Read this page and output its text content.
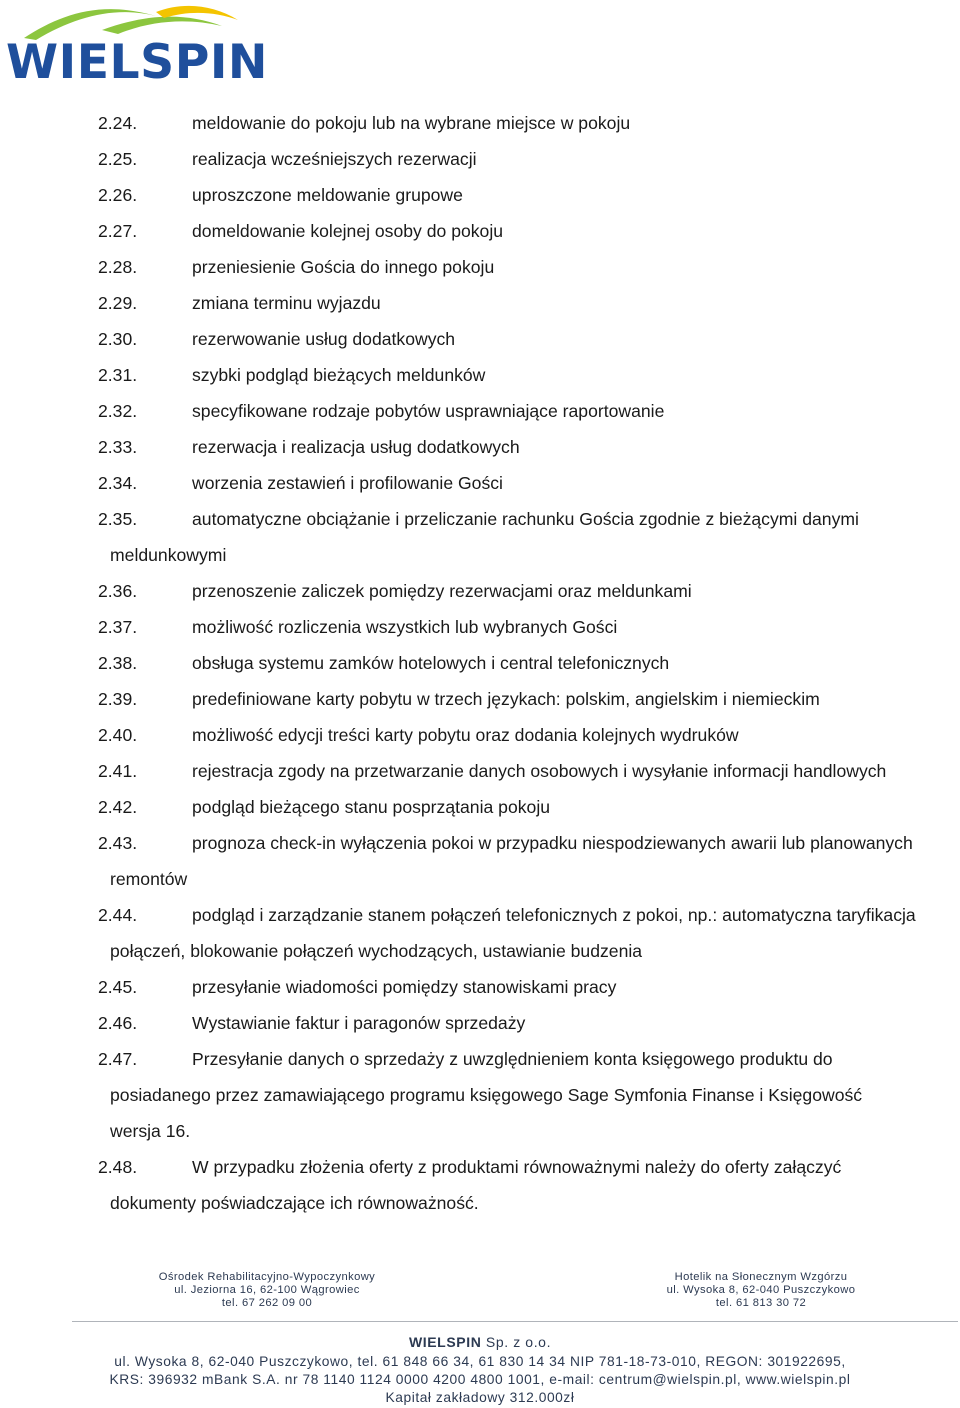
WIELSPIN
2.24.	meldowanie do pokoju lub na wybrane miejsce w pokoju
2.25.	realizacja wcześniejszych rezerwacji
2.26.	uproszczone meldowanie grupowe
2.27.	domeldowanie kolejnej osoby do pokoju
2.28.	przeniesienie Gościa do innego pokoju
2.29.	zmiana terminu wyjazdu
2.30.	rezerwowanie usług dodatkowych
2.31.	szybki podgląd bieżących meldunków
2.32.	specyfikowane rodzaje pobytów usprawniające raportowanie
2.33.	rezerwacja i realizacja usług dodatkowych
2.34.	worzenia zestawień i profilowanie Gości
2.35.	automatyczne obciążanie i przeliczanie rachunku Gościa zgodnie z bieżącymi danymi
meldunkowymi
2.36.	przenoszenie zaliczek pomiędzy rezerwacjami oraz meldunkami
2.37.	możliwość rozliczenia wszystkich lub wybranych Gości
2.38.	obsługa systemu zamków hotelowych i central telefonicznych
2.39.	predefiniowane karty pobytu w trzech językach: polskim, angielskim i niemieckim
2.40.	możliwość edycji treści karty pobytu oraz dodania kolejnych wydruków
2.41.	rejestracja zgody na przetwarzanie danych osobowych i wysyłanie informacji handlowych
2.42.	podgląd bieżącego stanu posprzątania pokoju
2.43.	prognoza check-in wyłączenia pokoi w przypadku niespodziewanych awarii lub planowanych
remontów
2.44.	podgląd i zarządzanie stanem połączeń telefonicznych z pokoi, np.: automatyczna taryfikacja
połączeń, blokowanie połączeń wychodzących, ustawianie budzenia
2.45.	przesyłanie wiadomości pomiędzy stanowiskami pracy
2.46.	Wystawianie faktur i paragonów sprzedaży
2.47.	Przesyłanie danych o sprzedaży z uwzględnieniem konta księgowego produktu do
posiadanego przez zamawiającego programu księgowego Sage Symfonia Finanse i Księgowość
wersja 16.
2.48.	W przypadku złożenia oferty z produktami równoważnymi należy do oferty załączyć
dokumenty poświadczające ich równoważność.
Ośrodek Rehabilitacyjno-Wypoczynkowy
ul. Jeziorna 16, 62-100 Wągrowiec
tel. 67 262 09 00
Hotelik na Słonecznym Wzgórzu
ul. Wysoka 8, 62-040 Puszczykowo
tel. 61 813 30 72
WIELSPIN Sp. z o.o.
ul. Wysoka 8, 62-040 Puszczykowo, tel. 61 848 66 34, 61 830 14 34 NIP 781-18-73-010, REGON: 301922695,
KRS: 396932 mBank S.A. nr 78 1140 1124 0000 4200 4800 1001, e-mail: centrum@wielspin.pl, www.wielspin.pl
Kapitał zakładowy 312.000zł
